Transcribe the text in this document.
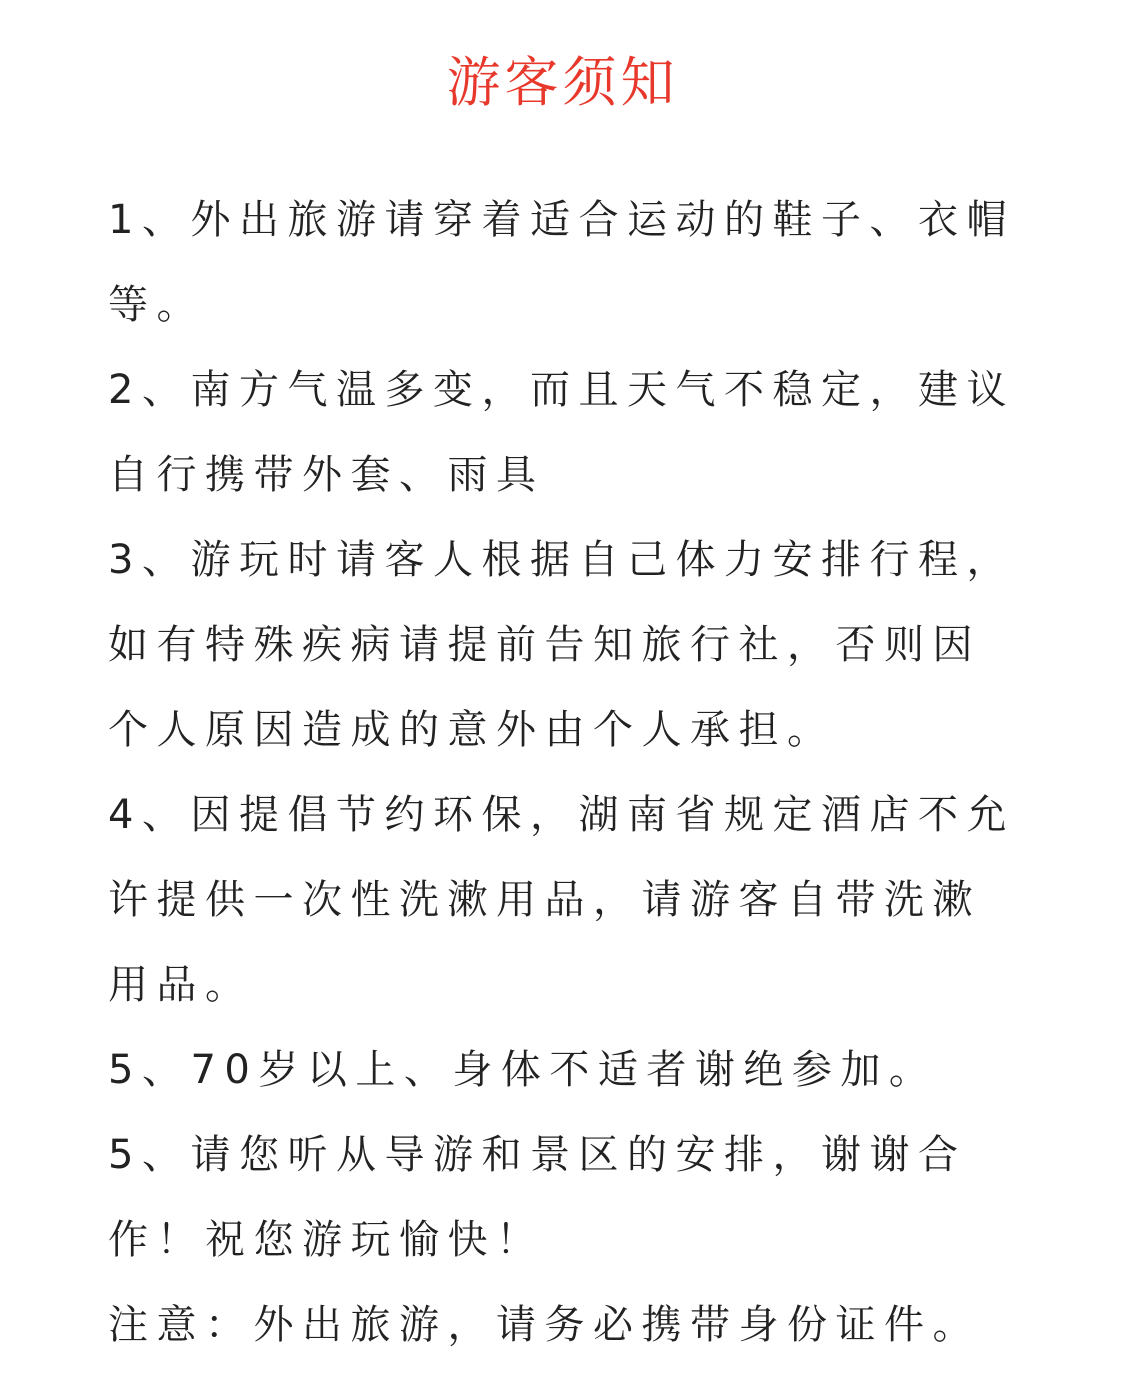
游客须知
1、外出旅游请穿着适合运动的鞋子、衣帽
等。
2、南方气温多变，而且天气不稳定，建议
自行携带外套、雨具
3、游玩时请客人根据自己体力安排行程，
如有特殊疾病请提前告知旅行社，否则因
个人原因造成的意外由个人承担。
4、因提倡节约环保，湖南省规定酒店不允
许提供一次性洗漱用品，请游客自带洗漱
用品。
5、70岁以上、身体不适者谢绝参加。
5、请您听从导游和景区的安排，谢谢合
作！祝您游玩愉快！
注意：外出旅游，请务必携带身份证件。
